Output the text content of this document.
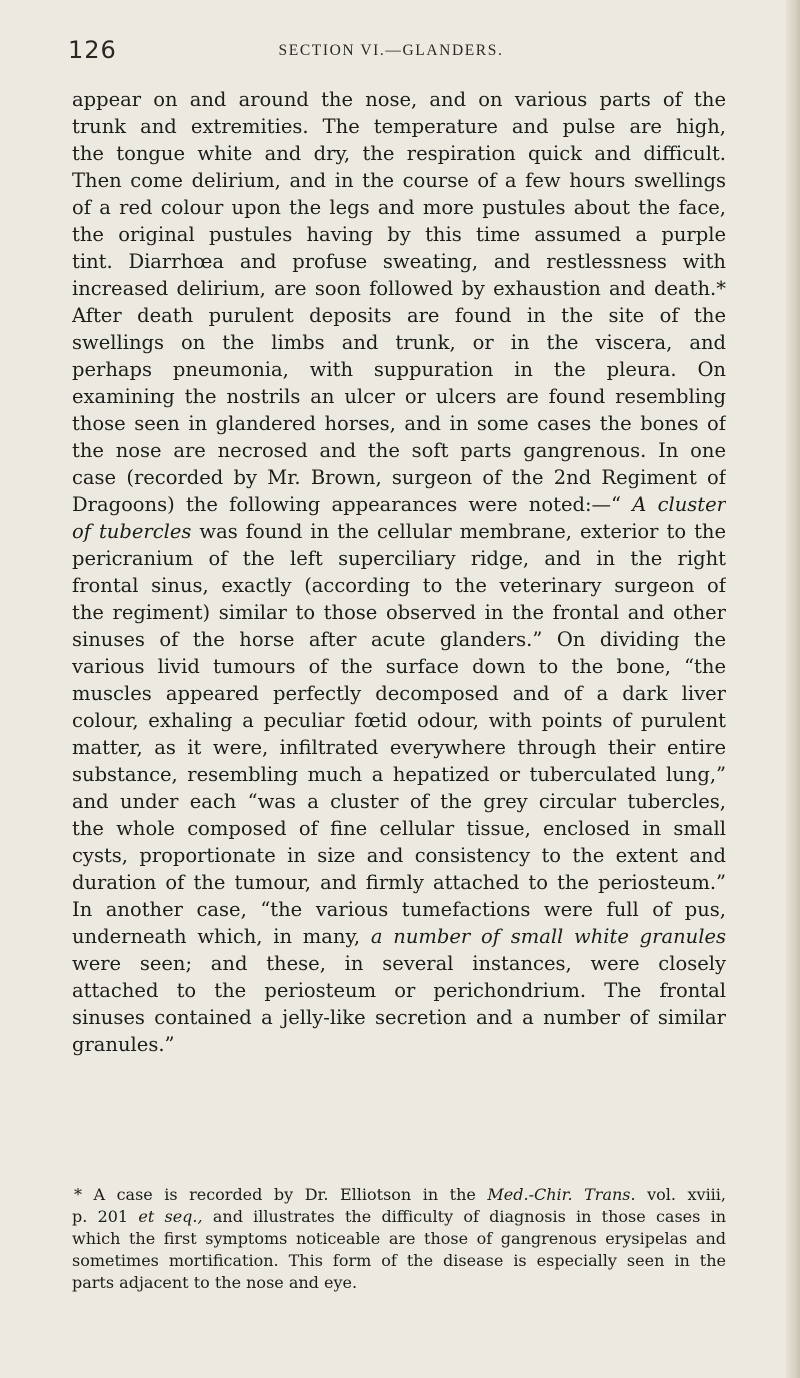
126	SECTION VI.—GLANDERS.
appear on and around the nose, and on various parts of the
trunk and extremities. The temperature and pulse are high,
the tongue white and dry, the respiration quick and difficult.
Then come delirium, and in the course of a few hours swellings
of a red colour upon the legs and more pustules about the face,
the original pustules having by this time assumed a purple
tint. Diarrhœa and profuse sweating, and restlessness with
increased delirium, are soon followed by exhaustion and death.*
After death purulent deposits are found in the site of the
swellings on the limbs and trunk, or in the viscera, and
perhaps pneumonia, with suppuration in the pleura. On
examining the nostrils an ulcer or ulcers are found resembling
those seen in glandered horses, and in some cases the bones of
the nose are necrosed and the soft parts gangrenous. In one
case (recorded by Mr. Brown, surgeon of the 2nd Regiment of
Dragoons) the following appearances were noted:—“ A cluster
of tubercles was found in the cellular membrane, exterior to the
pericranium of the left superciliary ridge, and in the right
frontal sinus, exactly (according to the veterinary surgeon of
the regiment) similar to those observed in the frontal and other
sinuses of the horse after acute glanders.” On dividing the
various livid tumours of the surface down to the bone, “the
muscles appeared perfectly decomposed and of a dark liver
colour, exhaling a peculiar fœtid odour, with points of purulent
matter, as it were, infiltrated everywhere through their entire
substance, resembling much a hepatized or tuberculated lung,”
and under each “was a cluster of the grey circular tubercles,
the whole composed of fine cellular tissue, enclosed in small
cysts, proportionate in size and consistency to the extent and
duration of the tumour, and firmly attached to the periosteum.”
In another case, “the various tumefactions were full of pus,
underneath which, in many, a number of small white granules
were seen; and these, in several instances, were closely
attached to the periosteum or perichondrium. The frontal
sinuses contained a jelly-like secretion and a number of similar
granules.”
* A case is recorded by Dr. Elliotson in the Med.-Chir. Trans. vol. xviii,
p. 201 et seq., and illustrates the difficulty of diagnosis in those cases in
which the first symptoms noticeable are those of gangrenous erysipelas and
sometimes mortification. This form of the disease is especially seen in the
parts adjacent to the nose and eye.
